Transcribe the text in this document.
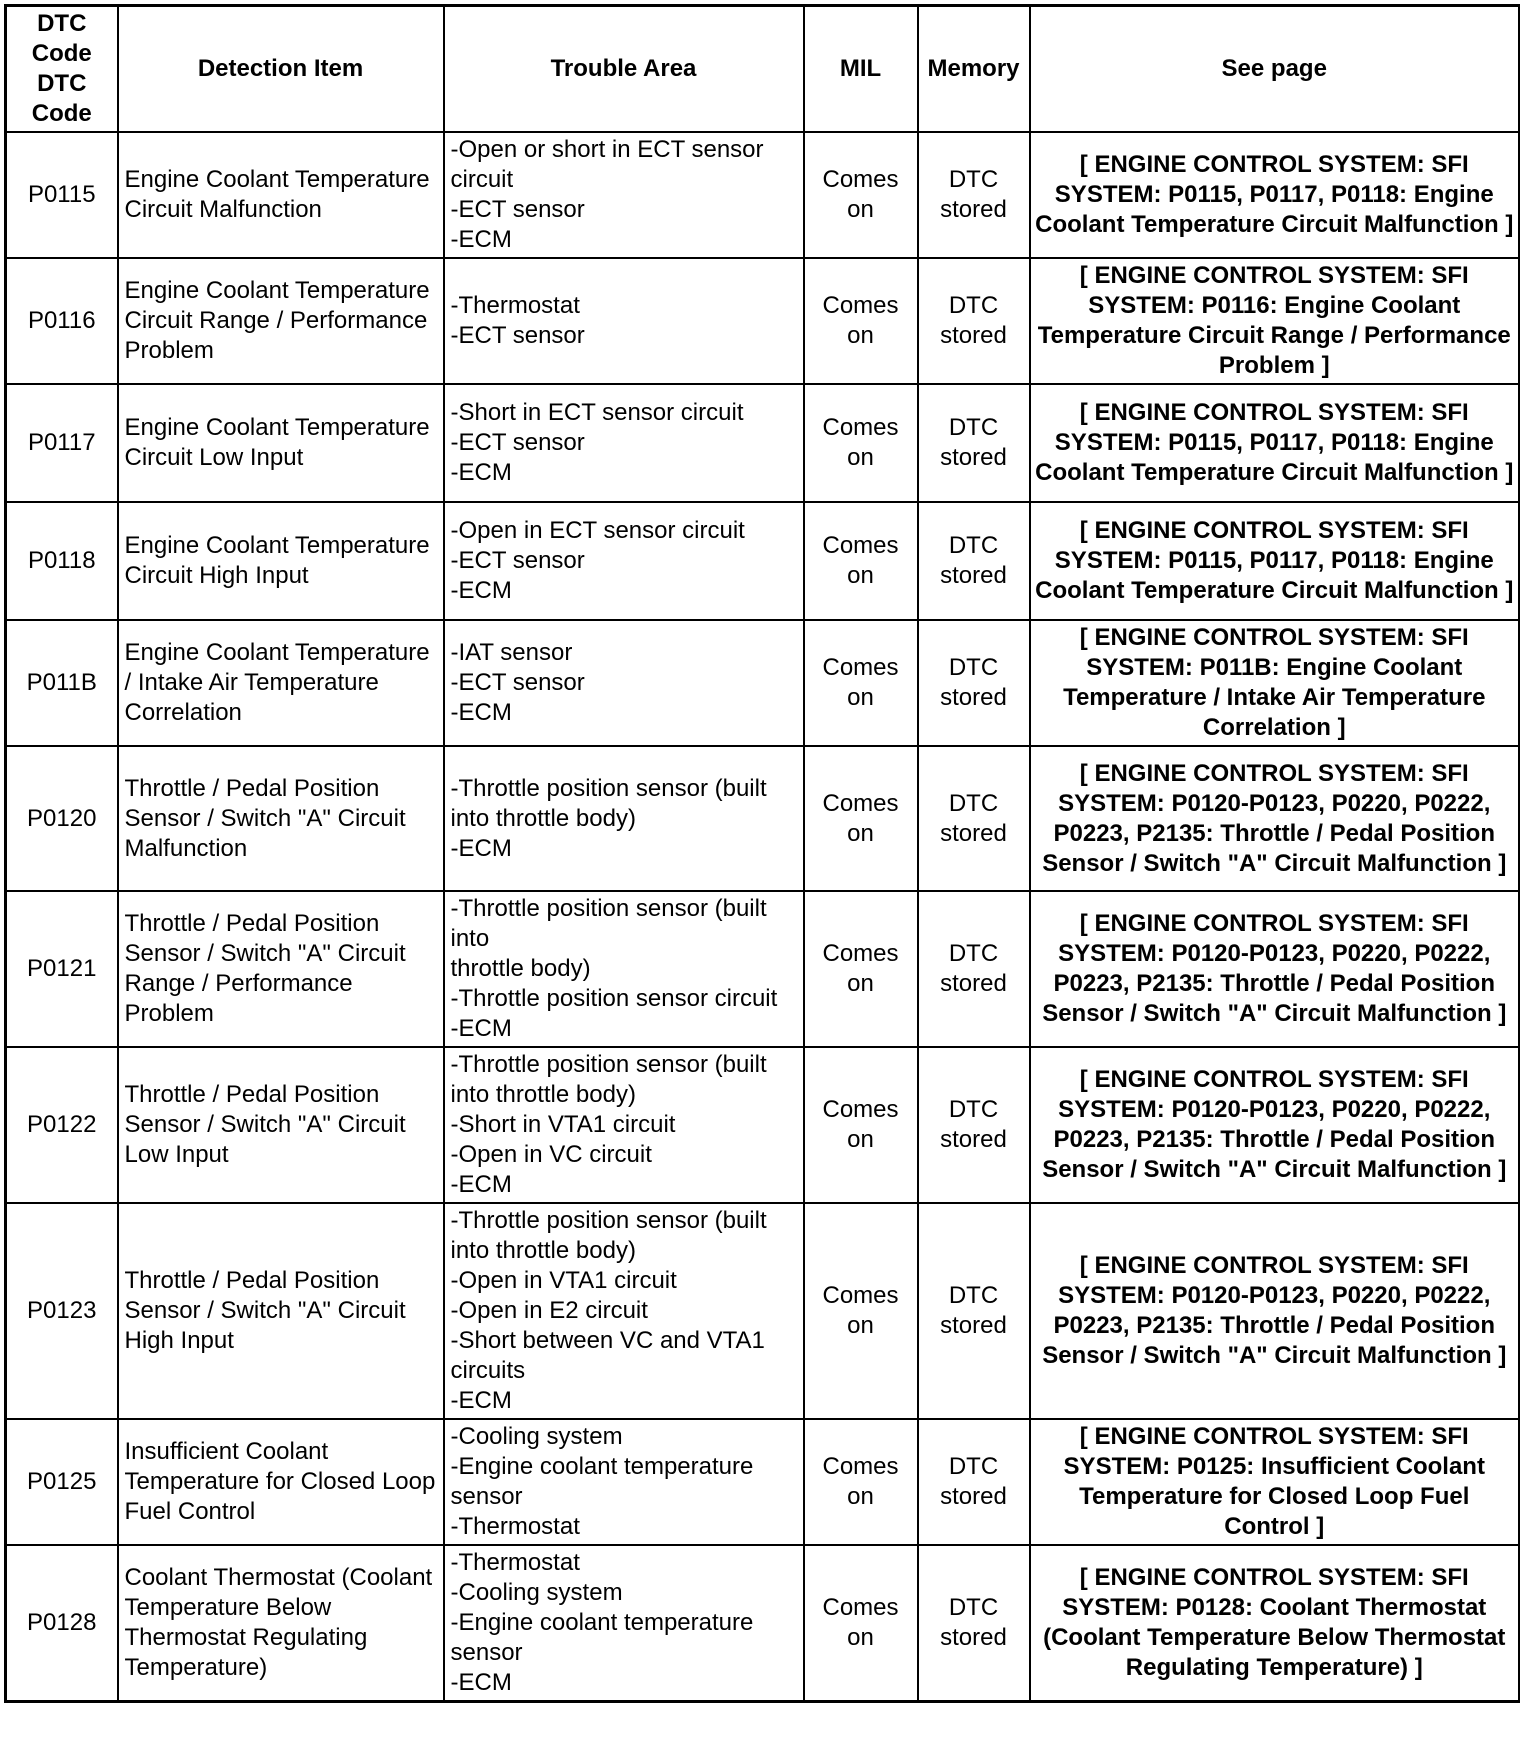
DTC Code
DTC Code	Detection Item	Trouble Area	MIL	Memory	See page
P0115	Engine Coolant Temperature Circuit Malfunction	-Open or short in ECT sensor circuit
-ECT sensor
-ECM	Comes on	DTC stored	[ ENGINE CONTROL SYSTEM: SFI SYSTEM: P0115, P0117, P0118: Engine Coolant Temperature Circuit Malfunction ]
P0116	Engine Coolant Temperature Circuit Range / Performance Problem	-Thermostat
-ECT sensor	Comes on	DTC stored	[ ENGINE CONTROL SYSTEM: SFI SYSTEM: P0116: Engine Coolant Temperature Circuit Range / Performance Problem ]
P0117	Engine Coolant Temperature Circuit Low Input	-Short in ECT sensor circuit
-ECT sensor
-ECM	Comes on	DTC stored	[ ENGINE CONTROL SYSTEM: SFI SYSTEM: P0115, P0117, P0118: Engine Coolant Temperature Circuit Malfunction ]
P0118	Engine Coolant Temperature Circuit High Input	-Open in ECT sensor circuit
-ECT sensor
-ECM	Comes on	DTC stored	[ ENGINE CONTROL SYSTEM: SFI SYSTEM: P0115, P0117, P0118: Engine Coolant Temperature Circuit Malfunction ]
P011B	Engine Coolant Temperature / Intake Air Temperature Correlation	-IAT sensor
-ECT sensor
-ECM	Comes on	DTC stored	[ ENGINE CONTROL SYSTEM: SFI SYSTEM: P011B: Engine Coolant Temperature / Intake Air Temperature Correlation ]
P0120	Throttle / Pedal Position Sensor / Switch "A" Circuit Malfunction	-Throttle position sensor (built into throttle body)
-ECM	Comes on	DTC stored	[ ENGINE CONTROL SYSTEM: SFI SYSTEM: P0120-P0123, P0220, P0222, P0223, P2135: Throttle / Pedal Position Sensor / Switch "A" Circuit Malfunction ]
P0121	Throttle / Pedal Position Sensor / Switch "A" Circuit Range / Performance Problem	-Throttle position sensor (built into
throttle body)
-Throttle position sensor circuit
-ECM	Comes on	DTC stored	[ ENGINE CONTROL SYSTEM: SFI SYSTEM: P0120-P0123, P0220, P0222, P0223, P2135: Throttle / Pedal Position Sensor / Switch "A" Circuit Malfunction ]
P0122	Throttle / Pedal Position Sensor / Switch "A" Circuit Low Input	-Throttle position sensor (built into throttle body)
-Short in VTA1 circuit
-Open in VC circuit
-ECM	Comes on	DTC stored	[ ENGINE CONTROL SYSTEM: SFI SYSTEM: P0120-P0123, P0220, P0222, P0223, P2135: Throttle / Pedal Position Sensor / Switch "A" Circuit Malfunction ]
P0123	Throttle / Pedal Position Sensor / Switch "A" Circuit High Input	-Throttle position sensor (built into throttle body)
-Open in VTA1 circuit
-Open in E2 circuit
-Short between VC and VTA1 circuits
-ECM	Comes on	DTC stored	[ ENGINE CONTROL SYSTEM: SFI SYSTEM: P0120-P0123, P0220, P0222, P0223, P2135: Throttle / Pedal Position Sensor / Switch "A" Circuit Malfunction ]
P0125	Insufficient Coolant Temperature for Closed Loop Fuel Control	-Cooling system
-Engine coolant temperature sensor
-Thermostat	Comes on	DTC stored	[ ENGINE CONTROL SYSTEM: SFI SYSTEM: P0125: Insufficient Coolant Temperature for Closed Loop Fuel Control ]
P0128	Coolant Thermostat (Coolant Temperature Below Thermostat Regulating Temperature)	-Thermostat
-Cooling system
-Engine coolant temperature sensor
-ECM	Comes on	DTC stored	[ ENGINE CONTROL SYSTEM: SFI SYSTEM: P0128: Coolant Thermostat (Coolant Temperature Below Thermostat Regulating Temperature) ]
